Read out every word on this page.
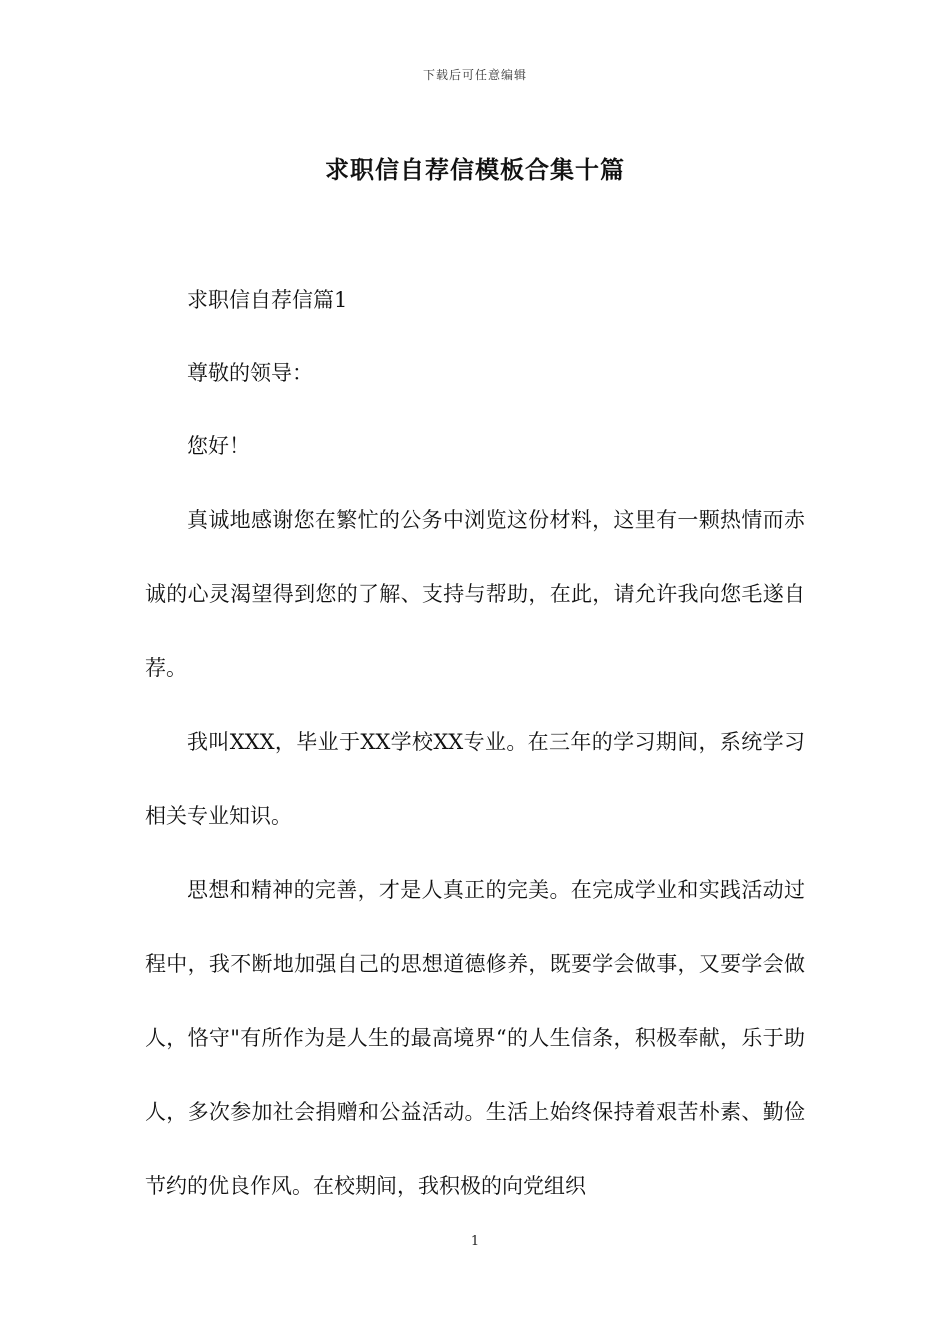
下载后可任意编辑
求职信自荐信模板合集十篇

求职信自荐信篇1

尊敬的领导：

您好！

真诚地感谢您在繁忙的公务中浏览这份材料，这里有一颗热情而赤诚的心灵渴望得到您的了解、支持与帮助，在此，请允许我向您毛遂自荐。

我叫XXX，毕业于XX学校XX专业。在三年的学习期间，系统学习相关专业知识。

思想和精神的完善，才是人真正的完美。在完成学业和实践活动过程中，我不断地加强自己的思想道德修养，既要学会做事，又要学会做人，恪守"有所作为是人生的最高境界“的人生信条，积极奉献，乐于助人，多次参加社会捐赠和公益活动。生活上始终保持着艰苦朴素、勤俭节约的优良作风。在校期间，我积极的向党组织

1
